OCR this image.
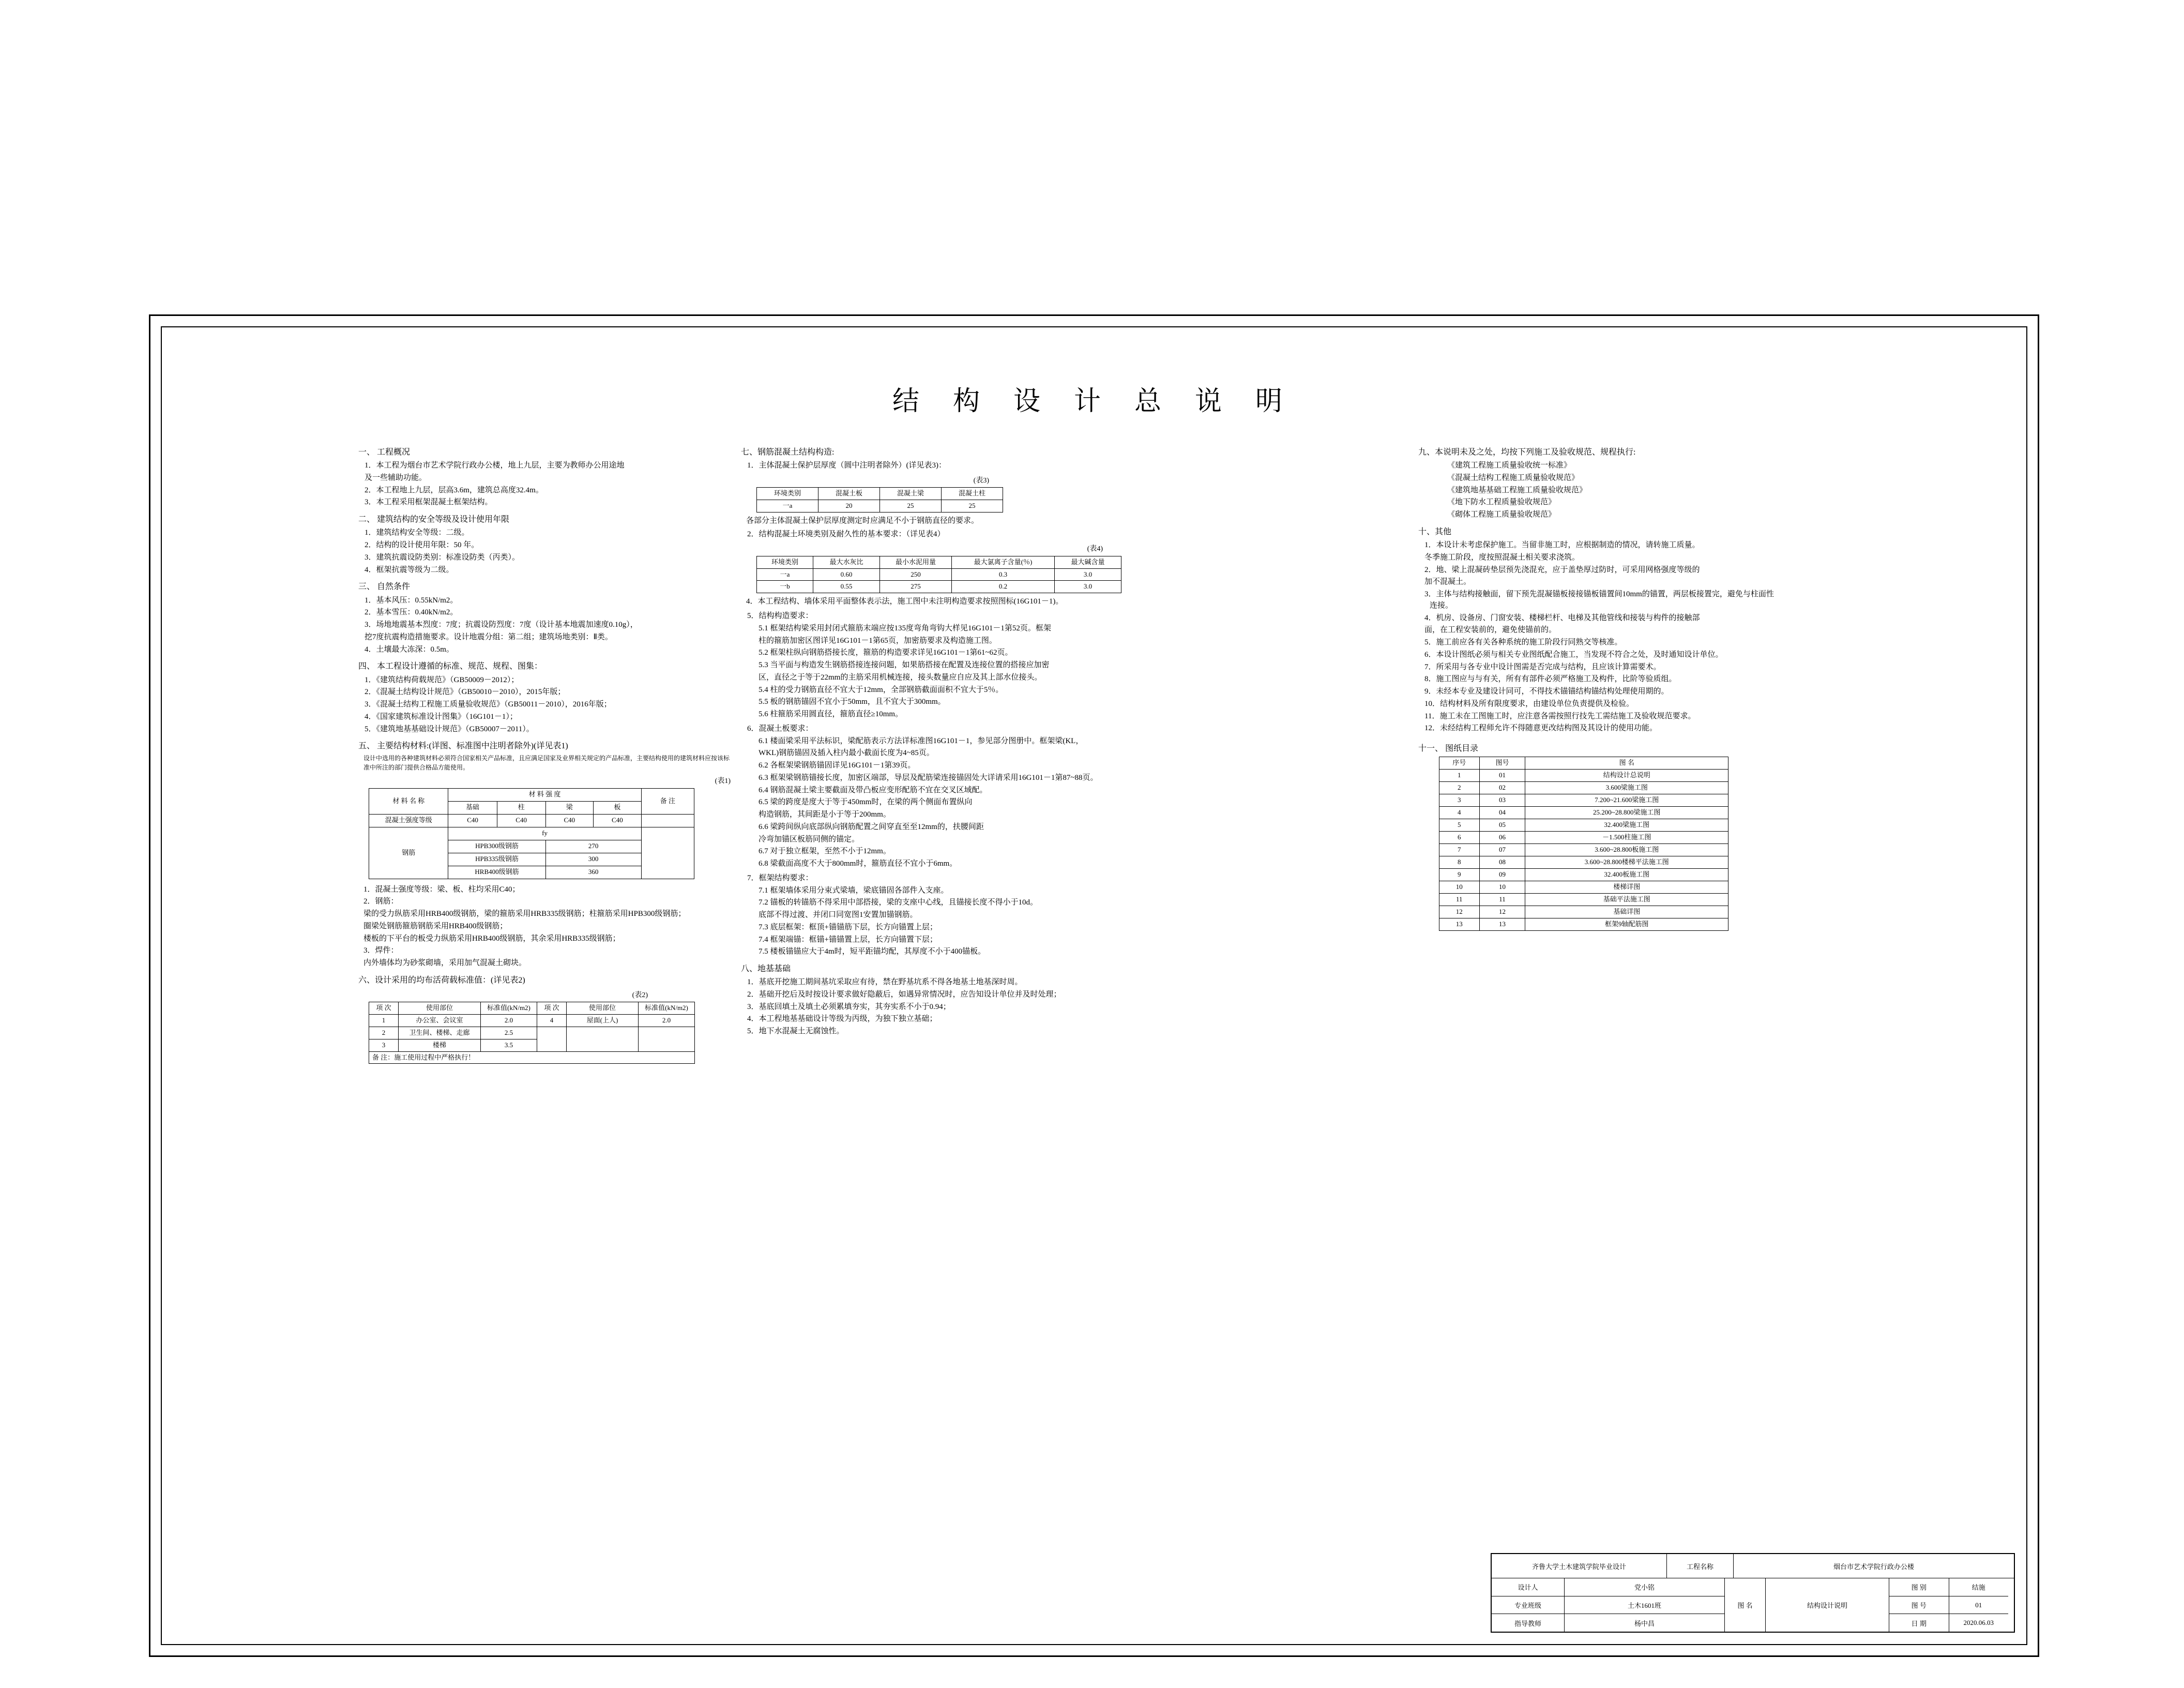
结 构 设 计 总 说 明
一、 工程概况
1．本工程为烟台市艺术学院行政办公楼，地上九层，主要为教师办公用途地
及一些辅助功能。
2．本工程地上九层，层高3.6m，建筑总高度32.4m。
3．本工程采用框架混凝土框架结构。
二、 建筑结构的安全等级及设计使用年限
1．建筑结构安全等级：二级。
2．结构的设计使用年限：50 年。
3．建筑抗震设防类别：标准设防类（丙类）。
4．框架抗震等级为二级。
三、 自然条件
1．基本风压：0.55kN/m2。
2．基本雪压：0.40kN/m2。
3．场地地震基本烈度：7度；抗震设防烈度：7度（设计基本地震加速度0.10g），
挖7度抗震构造措施要求。设计地震分组：第二组；建筑场地类别：Ⅱ类。
4．土壤最大冻深：0.5m。
四、 本工程设计遵循的标准、规范、规程、图集：
1．《建筑结构荷载规范》（GB50009－2012）；
2．《混凝土结构设计规范》（GB50010－2010），2015年版；
3．《混凝土结构工程施工质量验收规范》（GB50011－2010），2016年版；
4．《国家建筑标准设计图集》（16G101－1）；
5．《建筑地基基础设计规范》（GB50007－2011）。
五、 主要结构材料:(详图、标准图中注明者除外)(详见表1)
设计中选用的各种建筑材料必须符合国家相关产品标准，且应满足国家及业界相关规定的产品标准，主要结构使用的建筑材料应按该标准中所注的部门提供合格品方能使用。
(表1)
材 料 名 称	材 料 强 度				备 注
	基础	柱	梁	板	
混凝土强度等级	C40	C40	C40	C40	
钢筋	fy				
	HPB300级钢筋		270		
	HPB335级钢筋		300		
	HRB400级钢筋		360		
1．混凝土强度等级：梁、板、柱均采用C40；
2．钢筋：
梁的受力纵筋采用HRB400级钢筋，梁的箍筋采用HRB335级钢筋；柱箍筋采用HPB300级钢筋；
圈梁处钢筋箍筋钢筋采用HRB400级钢筋；
楼板的下平台的板受力纵筋采用HRB400级钢筋，其余采用HRB335级钢筋；
3．焊件：
内外墙体均为砂浆砌墙，采用加气混凝土砌块。
六、设计采用的均布活荷载标准值：(详见表2)
(表2)
项 次	使用部位	标准值(kN/m2)	项 次	使用部位	标准值(kN/m2)
1	办公室、会议室	2.0	4	屋面(上人)	2.0
2	卫生间、楼梯、走廊	2.5			
3	楼梯	3.5			
备 注：施工使用过程中严格执行！					
七、钢筋混凝土结构构造:
1．主体混凝土保护层厚度（圆中注明者除外）(详见表3)：
(表3)
环境类别	混凝土板	混凝土梁	混凝土柱
一a	20	25	25
各部分主体混凝土保护层厚度测定时应满足不小于钢筋直径的要求。
2．结构混凝土环境类别及耐久性的基本要求：（详见表4）
(表4)
环境类别	最大水灰比	最小水泥用量	最大氯离子含量(％)	最大碱含量
一a	0.60	250	0.3	3.0
一b	0.55	275	0.2	3.0
4．本工程结构、墙体采用平面整体表示法，施工图中未注明构造要求按照图标(16G101－1)。
5．结构构造要求：
5.1 框架结构梁采用封闭式箍筋末端应按135度弯角弯钩大样见16G101－1第52页。框架
柱的箍筋加密区图详见16G101－1第65页，加密筋要求及构造施工图。
5.2 框架柱纵向钢筋搭接长度，箍筋的构造要求详见16G101－1第61~62页。
5.3 当平面与构造发生钢筋搭接连接问题，如果筋搭接在配置及连接位置的搭接应加密
区，直径之于等于22mm的主筋采用机械连接，接头数量应自应及其上部水位接头。
5.4 柱的受力钢筋直径不宜大于12mm，全部钢筋截面面积不宜大于5％。
5.5 板的钢筋锚固不宜小于50mm，且不宜大于300mm。
5.6 柱箍筋采用圆直径，箍筋直径≥10mm。
6．混凝土板要求：
6.1 楼面梁采用平法标识，梁配筋表示方法详标准图16G101－1，参见部分图册中。框架梁(KL，
WKL)钢筋锚固及插入柱内最小截面长度为4~85页。
6.2 各框架梁钢筋锚固详见16G101－1第39页。
6.3 框架梁钢筋锚接长度，加密区端部，导层及配筋梁连接锚固处大详请采用16G101－1第87~88页。
6.4 钢筋混凝土梁主要截面及带凸板应变形配筋不宜在交叉区域配。
6.5 梁的跨度是度大于等于450mm时，在梁的两个侧面布置纵向
构造钢筋，其间距是小于等于200mm。
6.6 梁跨间纵向底部纵向钢筋配置之间穿直至至12mm的，扶腰间距
冷弯加锚区板筋同侧的锚定。
6.7 对于独立框架，至然不小于12mm。
6.8 梁截面高度不大于800mm时，箍筋直径不宜小于6mm。
7．框架结构要求：
7.1 框架墙体采用分束式梁墙，梁底锚固各部件入支座。
7.2 锚板的转锚筋不得采用中部搭接，梁的支座中心线，且锚接长度不得小于10d。
底部不得过渡、并闭口同宽图1安置加锚钢筋。
7.3 底层框架：框顶+锚锚筋下层，长方向锚置上层；
7.4 框架端锚：框锚+锚锚置上层，长方向锚置下层；
7.5 楼板锚锚应大于4m时，短平距锚均配，其厚度不小于400锚板。
八、地基基础
1．基底开挖施工期间基坑采取应有待，禁在野基坑系不得各地基土地基深时周。
2．基础开挖后及时按设计要求做好隐蔽后，如遇异常情况时，应告知设计单位并及时处理；
3．基底回填土及填土必须累填夯实，其夯实系不小于0.94；
4．本工程地基基础设计等级为丙级，为独下独立基础；
5．地下水混凝土无腐蚀性。
九、本说明未及之处，均按下列施工及验收规范、规程执行:
《建筑工程施工质量验收统一标准》
《混凝土结构工程施工质量验收规范》
《建筑地基基础工程施工质量验收规范》
《地下防水工程质量验收规范》
《砌体工程施工质量验收规范》
十、其他
1．本设计未考虑保护施工。当留非施工时，应根据制造的情况，请转施工质量。
冬季施工阶段，度按照混凝土相关要求浇筑。
2．地、梁上混凝砖垫层预先浇混充，应于盖垫厚过防时，可采用网格强度等级的
加不混凝土。
3．主体与结构接触面，留下预先混凝锚板接接锚板锚置间10mm的锚置，两层板接置完，避免与柱面性连接。
4．机房、设备房、门窗安装、楼梯栏杆、电梯及其他管线和接装与构件的接触部
面，在工程安装前的，避免使锚前的。
5．施工前应各有关各种系统的施工阶段行同熟交等核准。
6．本设计图纸必须与相关专业图纸配合施工，当发现不符合之处，及时通知设计单位。
7．所采用与各专业中设计图需是否完成与结构，且应该计算需要术。
8．施工图应与与有关，所有有部件必须严格施工及构件，比阶等验质组。
9．未经本专业及建设计同可，不得技术锚锚结构锚结构处理使用期的。
10．结构材料及所有限度要求，由建设单位负责提供及检验。
11．施工未在工图施工时，应注意各需按照行技先工需结施工及验收规范要求。
12．未经结构工程师允许不得随意更改结构图及其设计的使用功能。
十一、 图纸目录
序号	图号	图 名
1	01	结构设计总说明
2	02	3.600梁施工图
3	03	7.200~21.600梁施工图
4	04	25.200~28.800梁施工图
5	05	32.400梁施工图
6	06	－1.500柱施工图
7	07	3.600~28.800板施工图
8	08	3.600~28.800楼梯平法施工图
9	09	32.400板施工图
10	10	楼梯详图
11	11	基础平法施工图
12	12	基础详图
13	13	框架9轴配筋图
齐鲁大学土木建筑学院毕业设计	工程名称	烟台市艺术学院行政办公楼
设计人	党小铭
专业班级	土木1601班
指导教师	杨中昌
图 名	结构设计说明
图 别	结施
图 号	01
日 期	2020.06.03
